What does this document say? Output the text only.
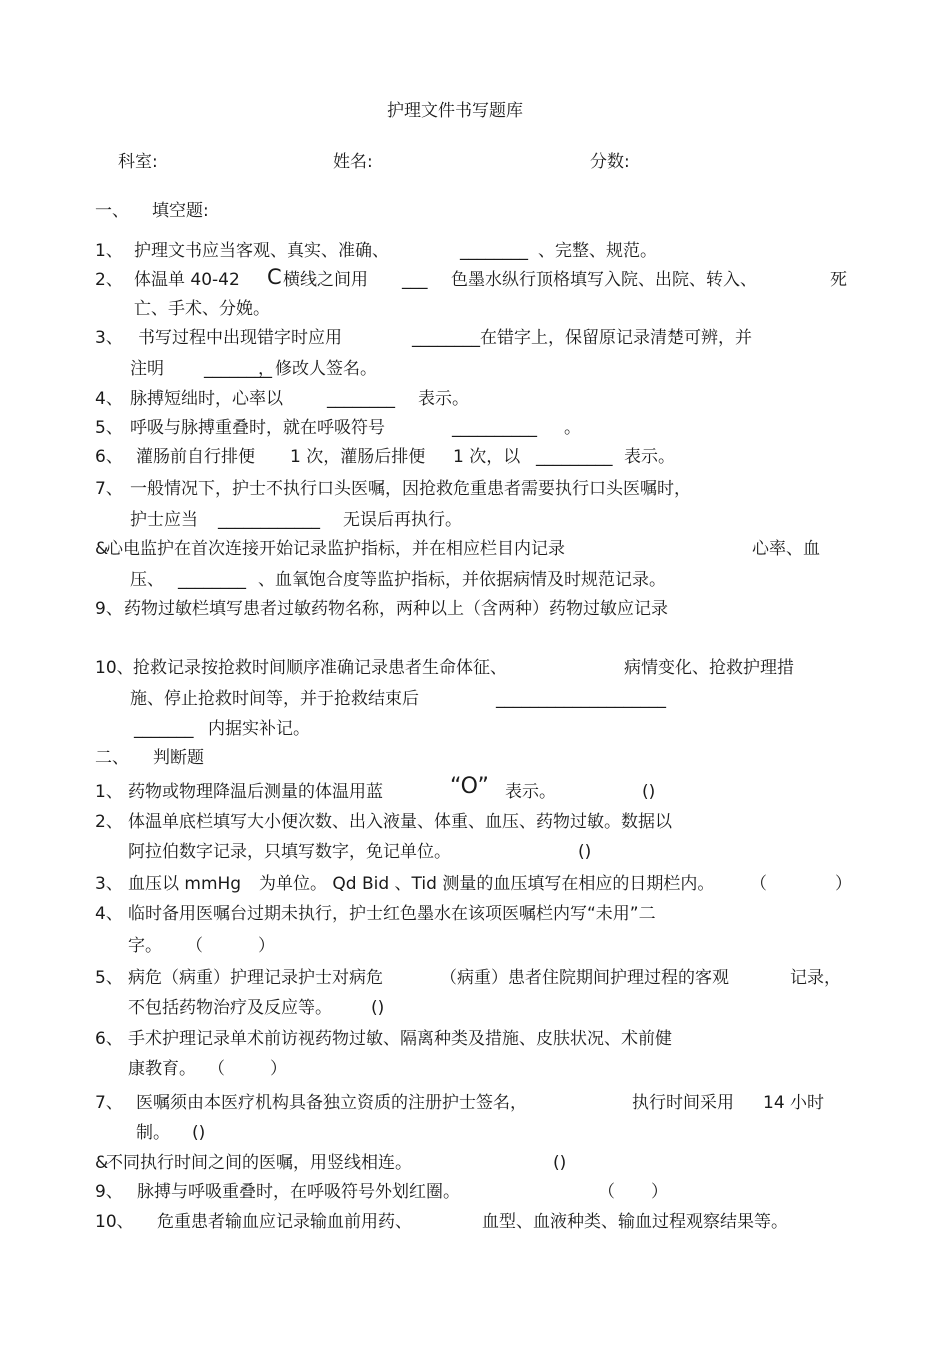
护理文件书写题库
科室:	姓名:	分数:
一、 填空题:
1、 护理文书应当客观、真实、准确、	________ 、完整、规范。
2、 体温单 40-42 C 横线之间用 ___ 色墨水纵行顶格填写入院、出院、转入、	死
亡、手术、分娩。
3、 书写过程中出现错字时应用	________ 在错字上，保留原记录清楚可辨，并
注明 ________
，修改人签名。
4、 脉搏短绌时，心率以	________ 表示。
5、 呼吸与脉搏重叠时，就在呼吸符号	__________ 。
6、 灌肠前自行排便 1 次，灌肠后排便 1 次，以 _________ 表示。
7、 一般情况下，护士不执行口头医嘱，因抢救危重患者需要执行口头医嘱时，
护士应当 ____________ 无误后再执行。
&
心电监护在首次连接开始记录监护指标，并在相应栏目内记录	心率、血
压、 ________ 、血氧饱合度等监护指标，并依据病情及时规范记录。
9、 药物过敏栏填写患者过敏药物名称，两种以上（含两种）药物过敏应记录
10、 抢救记录按抢救时间顺序准确记录患者生命体征、	病情变化、抢救护理措
施、停止抢救时间等，并于抢救结束后	____________________
_______ 内据实补记。
二、 判断题
1、 药物或物理降温后测量的体温用蓝	“O” 表示。	()
2、 体温单底栏填写大小便次数、出入液量、体重、血压、药物过敏。数据以
阿拉伯数字记录，只填写数字，免记单位。	()
3、 血压以 mmHg 为单位。 Qd Bid 、Tid 测量的血压填写在相应的日期栏内。 （	）
4、 临时备用医嘱台过期未执行，护士红色墨水在该项医嘱栏内写“未用”二
字。 （	）
5、 病危（病重）护理记录护士对病危	（病重）患者住院期间护理过程的客观	记录，
不包括药物治疗及反应等。 ()
6、 手术护理记录单术前访视药物过敏、隔离种类及措施、皮肤状况、术前健
康教育。 （	）
7、 医嘱须由本医疗机构具备独立资质的注册护士签名，	执行时间采用 14 小时
制。 ()
&
不同执行时间之间的医嘱，用竖线相连。	()
9、 脉搏与呼吸重叠时，在呼吸符号外划红圈。	（ ）
10、 危重患者输血应记录输血前用药、	血型、血液种类、输血过程观察结果等。
